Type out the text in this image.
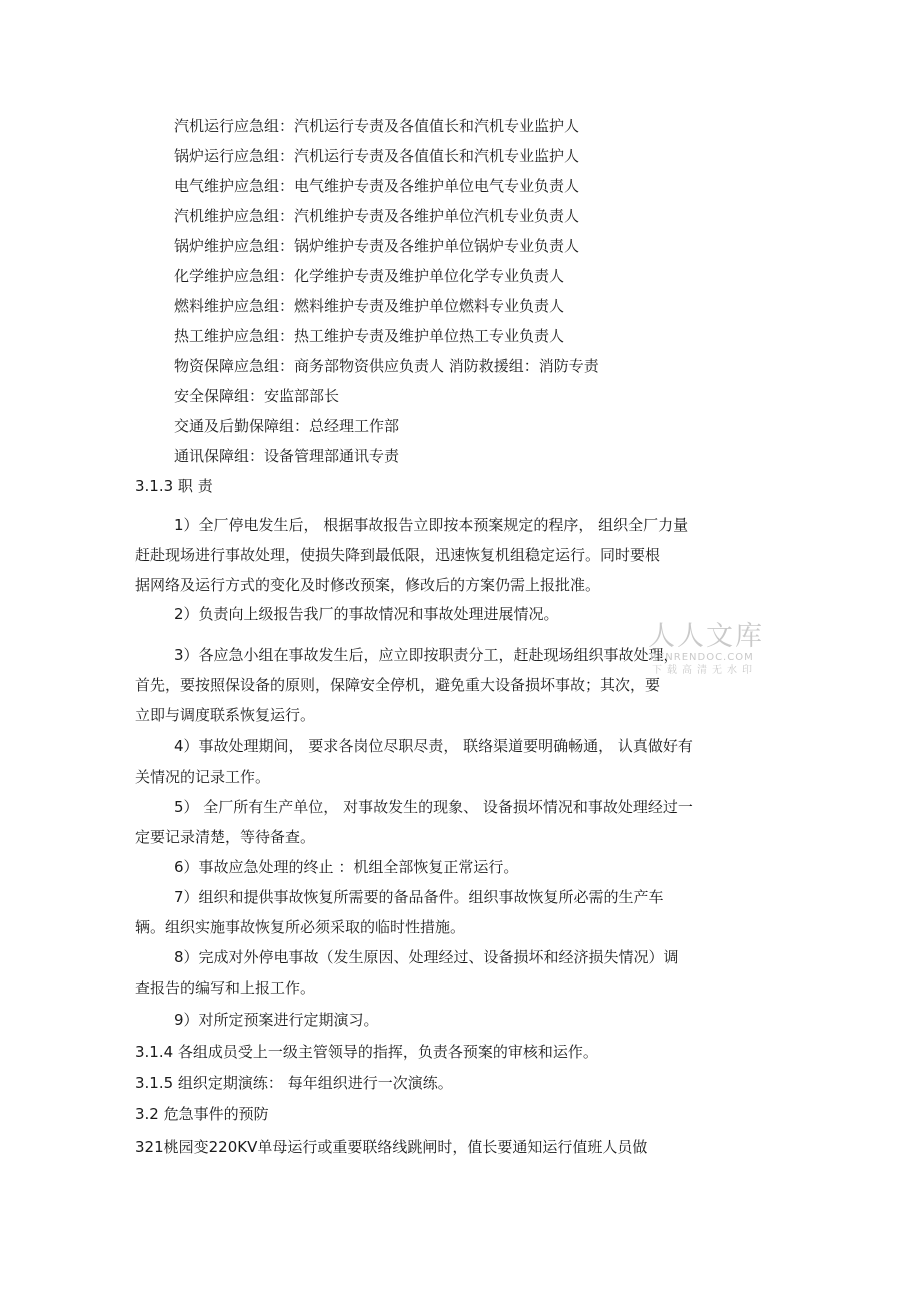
汽机运行应急组：汽机运行专责及各值值长和汽机专业监护人
锅炉运行应急组：汽机运行专责及各值值长和汽机专业监护人
电气维护应急组：电气维护专责及各维护单位电气专业负责人
汽机维护应急组：汽机维护专责及各维护单位汽机专业负责人
锅炉维护应急组：锅炉维护专责及各维护单位锅炉专业负责人
化学维护应急组：化学维护专责及维护单位化学专业负责人
燃料维护应急组：燃料维护专责及维护单位燃料专业负责人
热工维护应急组：热工维护专责及维护单位热工专业负责人
物资保障应急组：商务部物资供应负责人 消防救援组：消防专责
安全保障组：安监部部长
交通及后勤保障组：总经理工作部
通讯保障组：设备管理部通讯专责
3.1.3 职 责
1）全厂停电发生后， 根据事故报告立即按本预案规定的程序， 组织全厂力量
赶赴现场进行事故处理，使损失降到最低限，迅速恢复机组稳定运行。同时要根
据网络及运行方式的变化及时修改预案，修改后的方案仍需上报批准。
2）负责向上级报告我厂的事故情况和事故处理进展情况。
3）各应急小组在事故发生后，应立即按职责分工，赶赴现场组织事故处理，
首先，要按照保设备的原则，保障安全停机，避免重大设备损坏事故；其次，要
立即与调度联系恢复运行。
4）事故处理期间， 要求各岗位尽职尽责， 联络渠道要明确畅通， 认真做好有
关情况的记录工作。
5） 全厂所有生产单位， 对事故发生的现象、 设备损坏情况和事故处理经过一
定要记录清楚，等待备查。
6）事故应急处理的终止 ：机组全部恢复正常运行。
7）组织和提供事故恢复所需要的备品备件。组织事故恢复所必需的生产车
辆。组织实施事故恢复所必须采取的临时性措施。
8）完成对外停电事故（发生原因、处理经过、设备损坏和经济损失情况）调
查报告的编写和上报工作。
9）对所定预案进行定期演习。
3.1.4 各组成员受上一级主管领导的指挥，负责各预案的审核和运作。
3.1.5 组织定期演练： 每年组织进行一次演练。
3.2 危急事件的预防
321桃园变220KV单母运行或重要联络线跳闸时，值长要通知运行值班人员做
人人文库
RENRENDOC.COM
下载高清无水印
